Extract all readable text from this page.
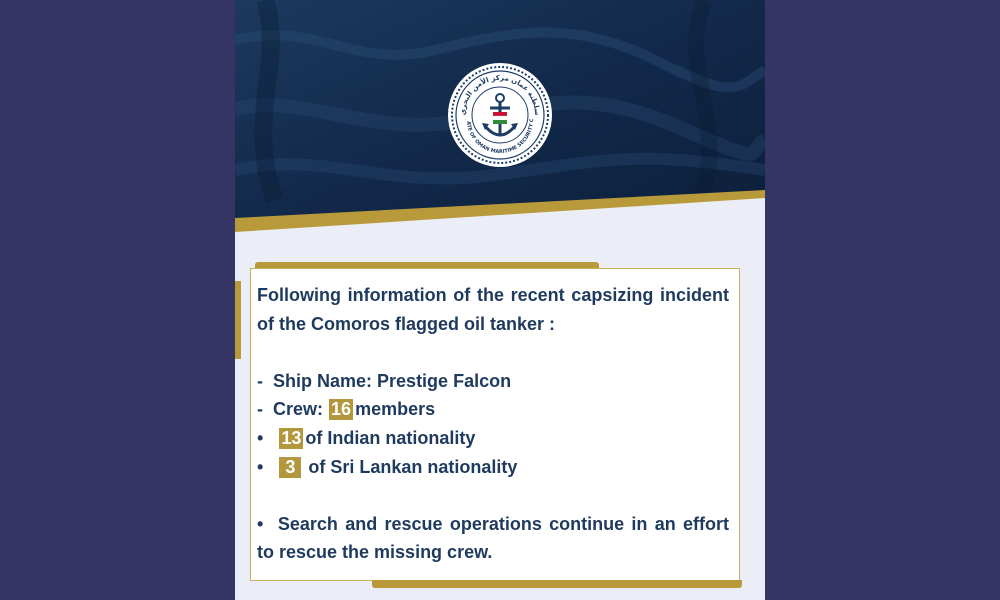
سلطنة عمان مركز الأمن البحري
ATE OF OMAN MARITIME SECURITY C

Following information of the recent capsizing incident of the Comoros flagged oil tanker :

- Ship Name: Prestige Falcon

- Crew: 16 members

• 13 of Indian nationality

• 3 of Sri Lankan nationality

• Search and rescue operations continue in an effort to rescue the missing crew.
